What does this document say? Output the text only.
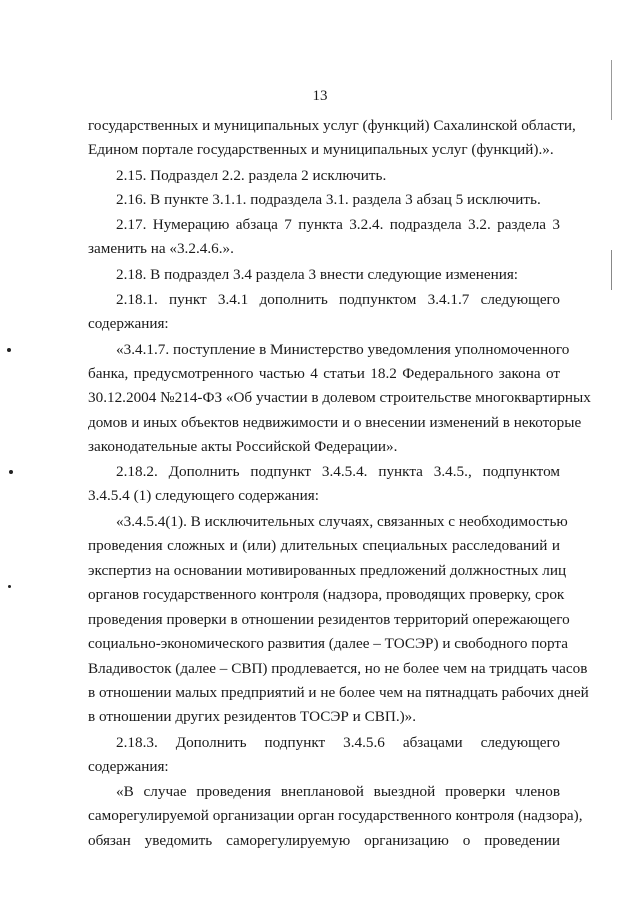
13
государственных и муниципальных услуг (функций) Сахалинской области,
Едином портале государственных и муниципальных услуг (функций).».
2.15. Подраздел 2.2. раздела 2 исключить.
2.16. В пункте 3.1.1. подраздела 3.1. раздела 3 абзац 5 исключить.
2.17. Нумерацию абзаца 7 пункта 3.2.4. подраздела 3.2. раздела 3
заменить на «3.2.4.6.».
2.18. В подраздел 3.4 раздела 3 внести следующие изменения:
2.18.1. пункт 3.4.1 дополнить подпунктом 3.4.1.7 следующего
содержания:
«3.4.1.7. поступление в Министерство уведомления уполномоченного
банка, предусмотренного частью 4 статьи 18.2 Федерального закона от
30.12.2004 №214-ФЗ «Об участии в долевом строительстве многоквартирных
домов и иных объектов недвижимости и о внесении изменений в некоторые
законодательные акты Российской Федерации».
2.18.2. Дополнить подпункт 3.4.5.4. пункта 3.4.5., подпунктом
3.4.5.4 (1) следующего содержания:
«3.4.5.4(1). В исключительных случаях, связанных с необходимостью
проведения сложных и (или) длительных специальных расследований и
экспертиз на основании мотивированных предложений должностных лиц
органов государственного контроля (надзора, проводящих проверку, срок
проведения проверки в отношении резидентов территорий опережающего
социально-экономического развития (далее – ТОСЭР) и свободного порта
Владивосток (далее – СВП) продлевается, но не более чем на тридцать часов
в отношении малых предприятий и не более чем на пятнадцать рабочих дней
в отношении других резидентов ТОСЭР и СВП.)».
2.18.3. Дополнить подпункт 3.4.5.6 абзацами следующего
содержания:
«В случае проведения внеплановой выездной проверки членов
саморегулируемой организации орган государственного контроля (надзора),
обязан уведомить саморегулируемую организацию о проведении
